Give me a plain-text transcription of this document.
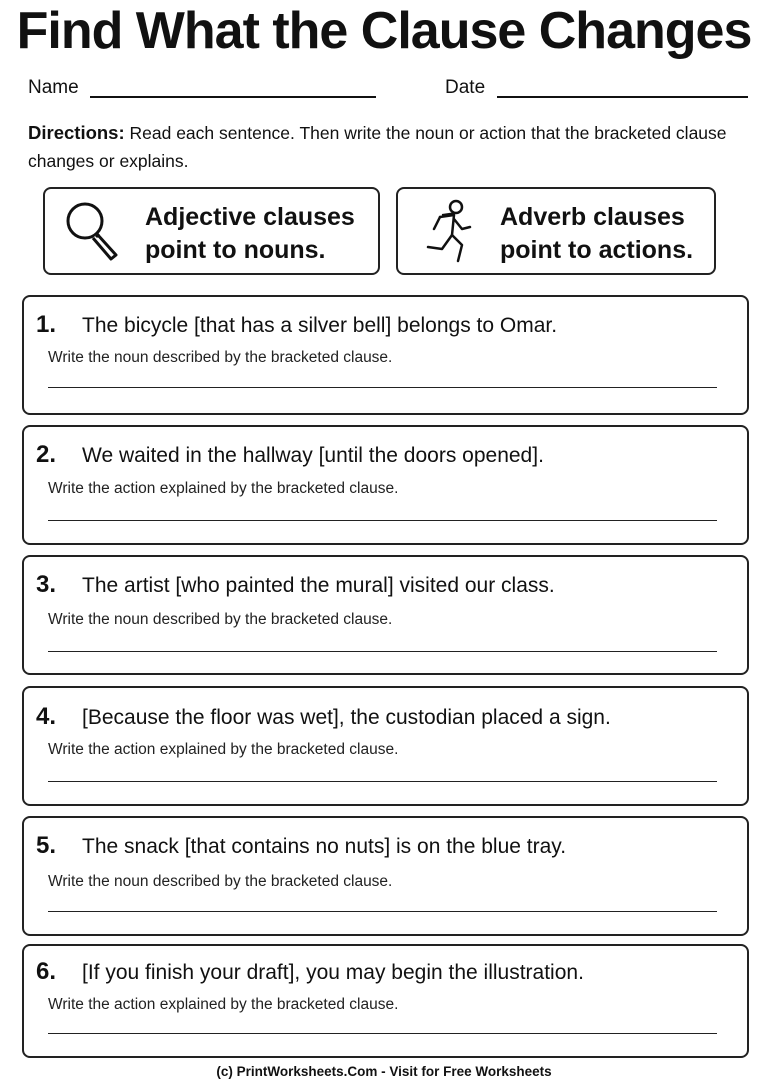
Find What the Clause Changes
Name	Date
Directions: Read each sentence. Then write the noun or action that the bracketed clause changes or explains.
Adjective clauses
point to nouns.
Adverb clauses
point to actions.
1. The bicycle [that has a silver bell] belongs to Omar.
Write the noun described by the bracketed clause.
2. We waited in the hallway [until the doors opened].
Write the action explained by the bracketed clause.
3. The artist [who painted the mural] visited our class.
Write the noun described by the bracketed clause.
4. [Because the floor was wet], the custodian placed a sign.
Write the action explained by the bracketed clause.
5. The snack [that contains no nuts] is on the blue tray.
Write the noun described by the bracketed clause.
6. [If you finish your draft], you may begin the illustration.
Write the action explained by the bracketed clause.
(c) PrintWorksheets.Com - Visit for Free Worksheets
